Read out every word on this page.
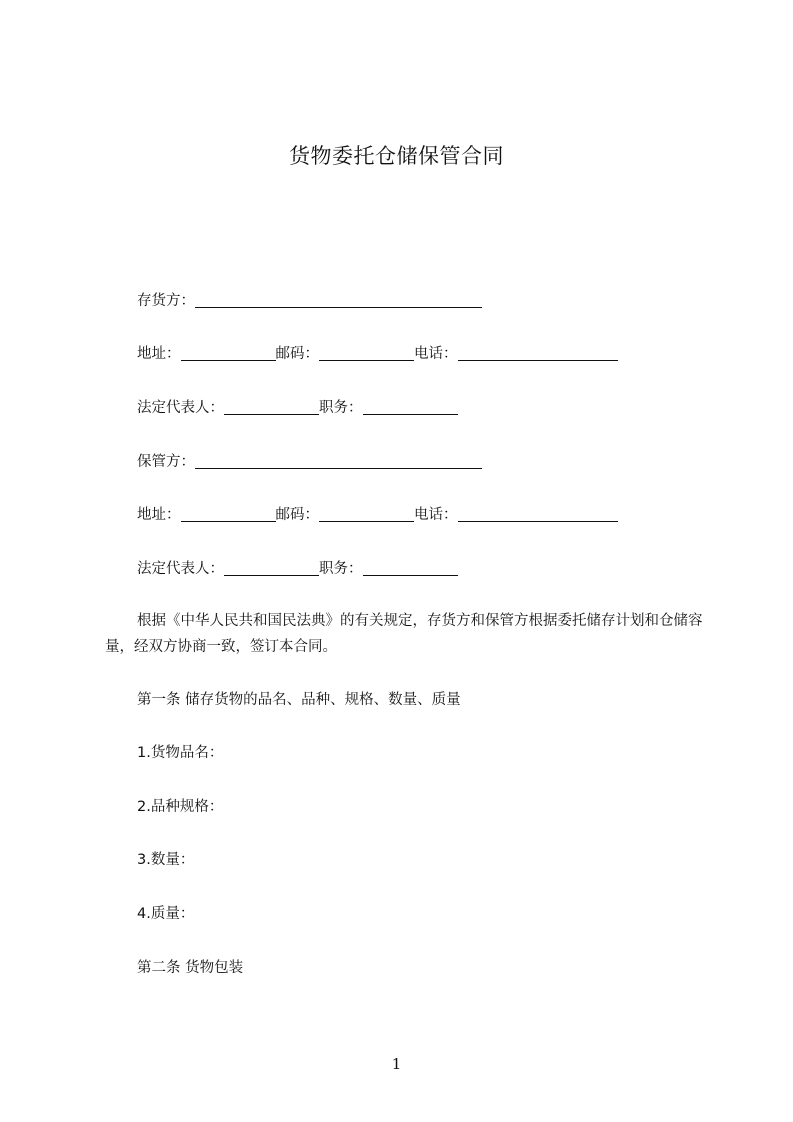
货物委托仓储保管合同
存货方：
地址：	邮码：	电话：
法定代表人：	职务：
保管方：
地址：	邮码：	电话：
法定代表人：	职务：
根据《中华人民共和国民法典》的有关规定，存货方和保管方根据委托储存计划和仓储容量，经双方协商一致，签订本合同。
第一条 储存货物的品名、品种、规格、数量、质量
1.货物品名：
2.品种规格：
3.数量：
4.质量：
第二条 货物包装
1
